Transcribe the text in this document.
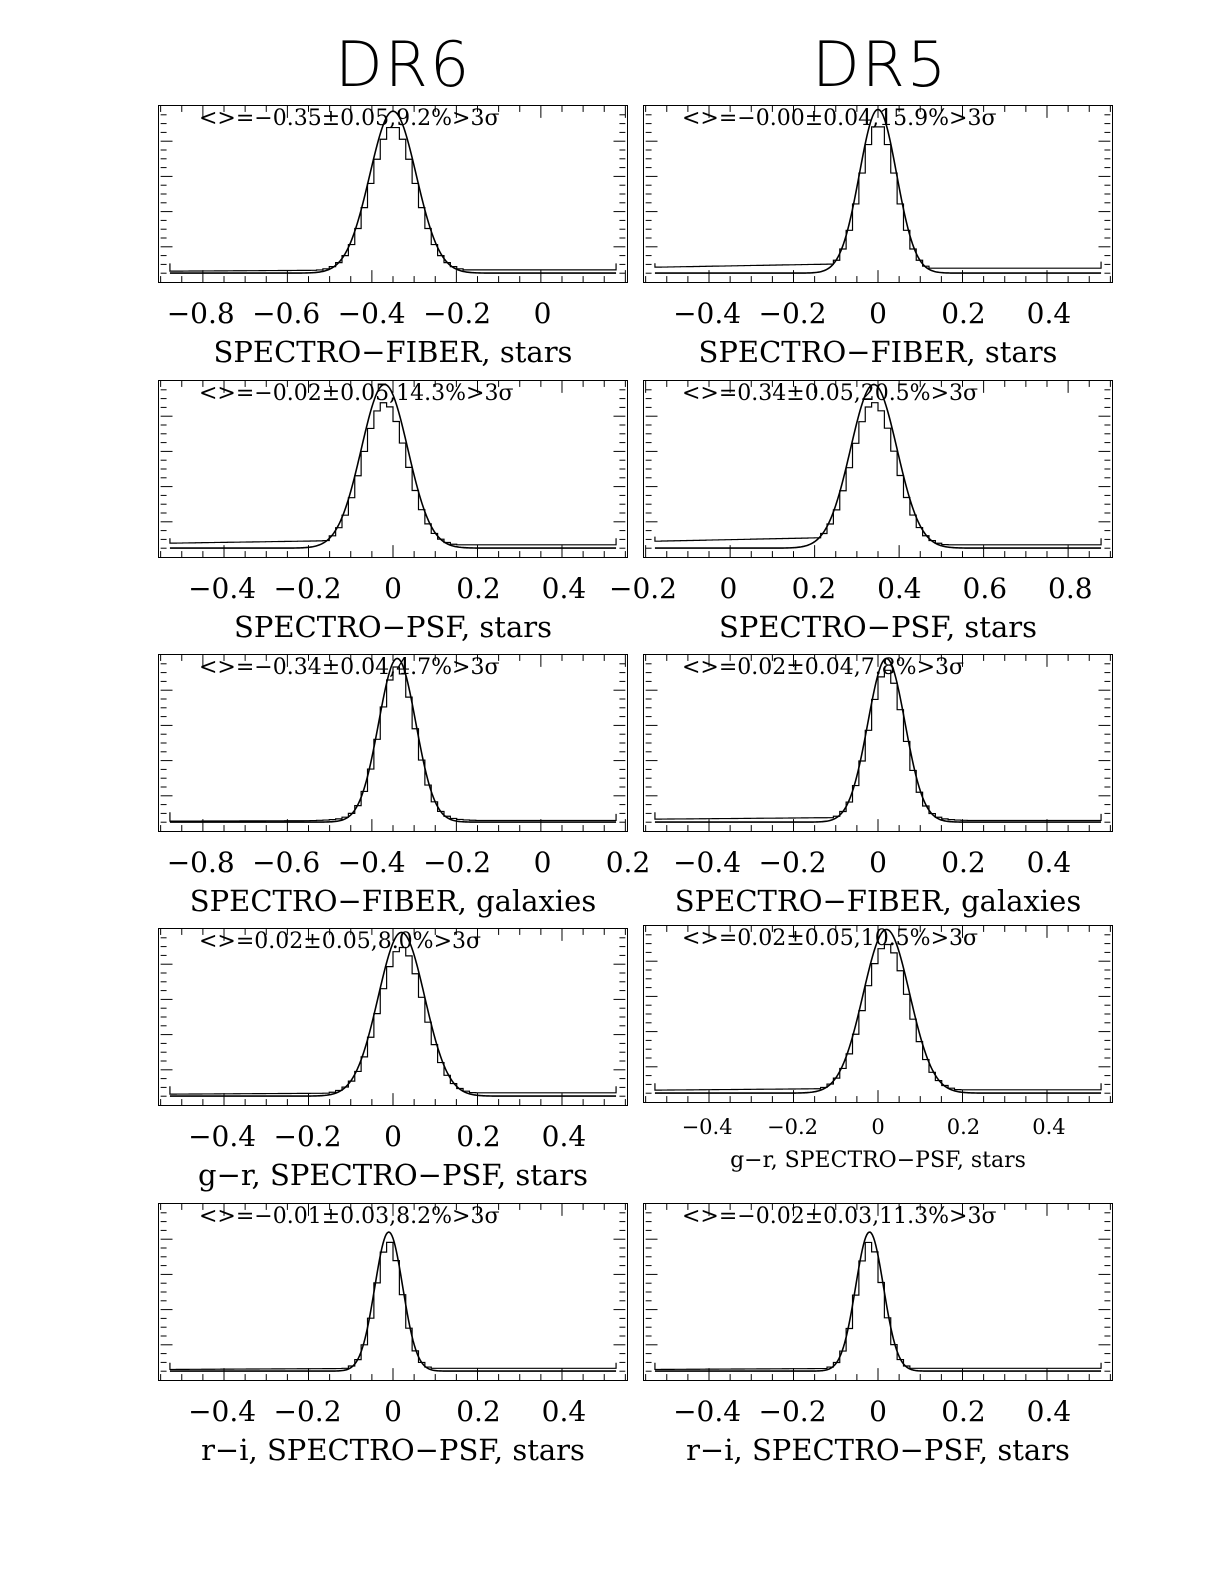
DR6	DR5
<>=−0.35±0.05,9.2%>3σ
−0.8 −0.6 −0.4 −0.2 0
SPECTRO−FIBER, stars
<>=−0.00±0.04,15.9%>3σ
−0.4 −0.2 0 0.2 0.4
SPECTRO−FIBER, stars
<>=−0.02±0.05,14.3%>3σ
−0.4 −0.2 0 0.2 0.4
SPECTRO−PSF, stars
<>=0.34±0.05,20.5%>3σ
−0.2 0 0.2 0.4 0.6 0.8
SPECTRO−PSF, stars
<>=−0.34±0.04,4.7%>3σ
−0.8 −0.6 −0.4 −0.2 0 0.2
SPECTRO−FIBER, galaxies
<>=0.02±0.04,7.8%>3σ
−0.4 −0.2 0 0.2 0.4
SPECTRO−FIBER, galaxies
<>=0.02±0.05,8.0%>3σ
−0.4 −0.2 0 0.2 0.4
g−r, SPECTRO−PSF, stars
<>=0.02±0.05,10.5%>3σ
−0.4 −0.2	0	0.2 0.4
g−r, SPECTRO−PSF, stars
<>=−0.01±0.03,8.2%>3σ
−0.4 −0.2 0 0.2 0.4
r−i, SPECTRO−PSF, stars
<>=−0.02±0.03,11.3%>3σ
−0.4 −0.2 0 0.2 0.4
r−i, SPECTRO−PSF, stars
